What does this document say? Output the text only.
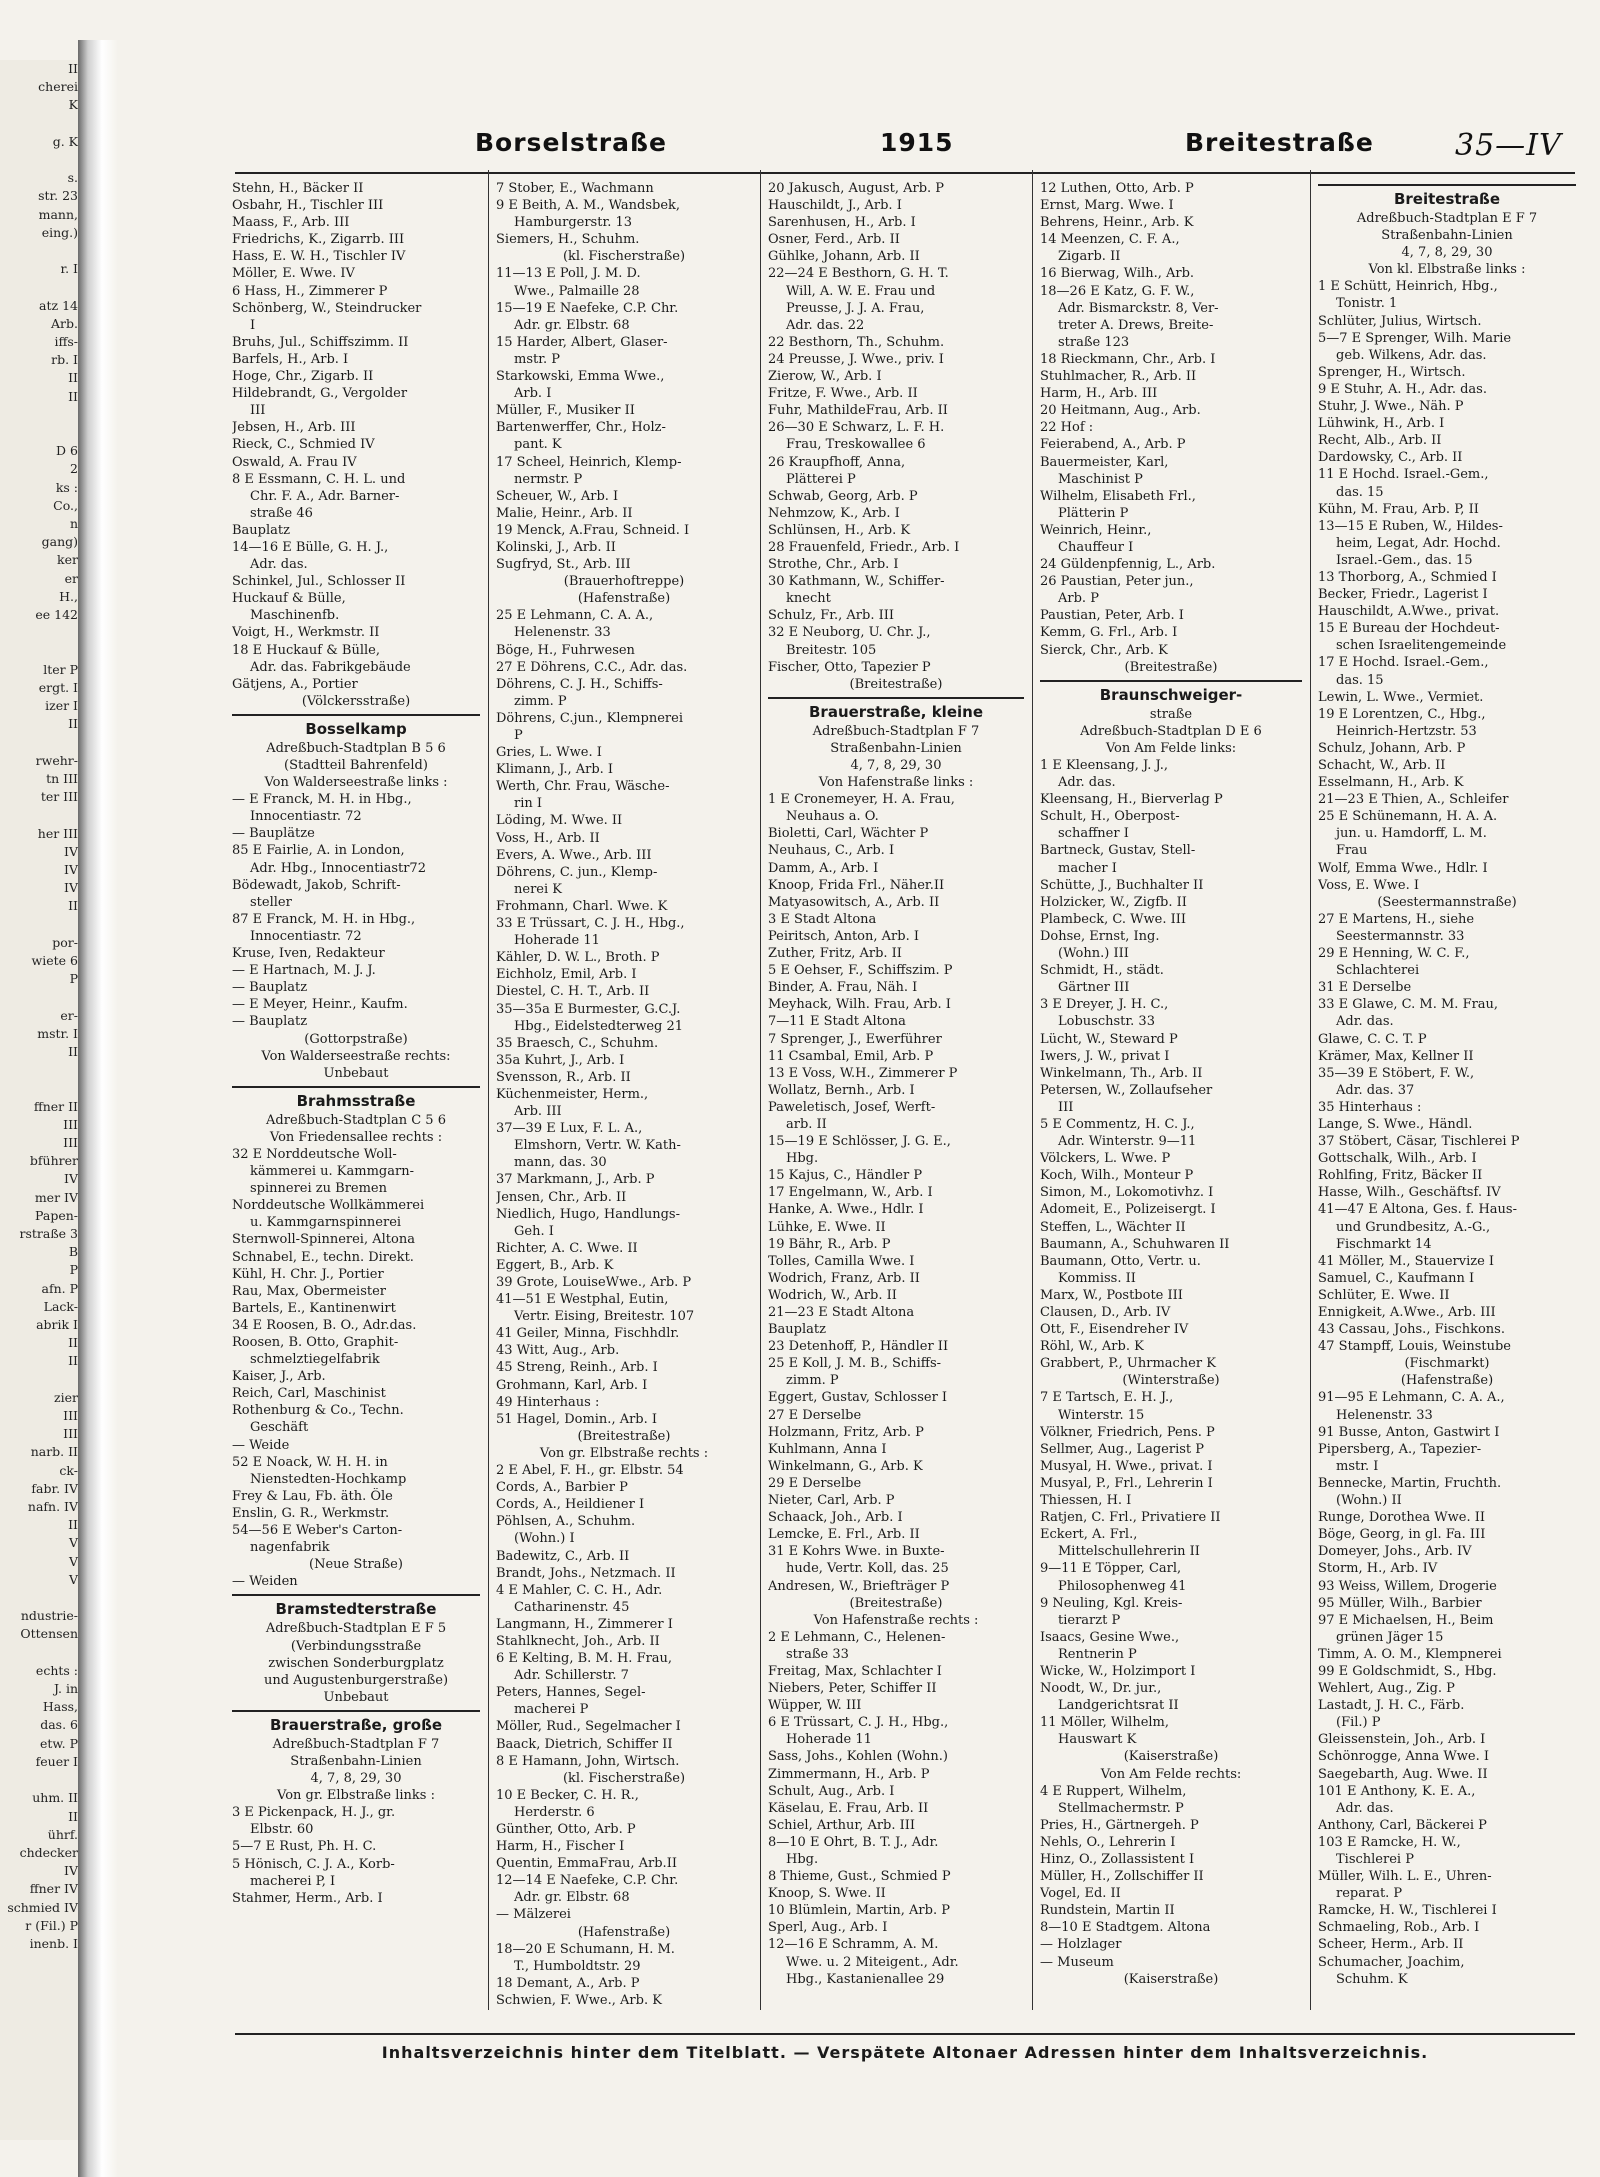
II
cherei
K

g. K

s.
str. 23
mann,
eing.)

r. I

atz 14
Arb.
iffs-
rb. I
II
II

D 6
2
ks :
Co.,
n
gang)
ker
er
H.,
ee 142

lter P
ergt. I
izer I
II

rwehr-
tn III
ter III

her III
IV
IV
IV
II

por-
wiete 6
P

er-
mstr. I
II

ffner II
III
III
bführer
IV
mer IV
Papen-
rstraße 3
B
P
afn. P
Lack-
abrik I
II
II

zier
III
III
narb. II
ck-
fabr. IV
nafn. IV
II
V
V
V

ndustrie-
Ottensen

echts :
J. in
Hass,
das. 6
etw. P
feuer I

uhm. II
II
ührf.
chdecker
IV
ffner IV
schmied IV
r (Fil.) P
inenb. I
Borselstraße	1915	Breitestraße	35—IV
Stehn, H., Bäcker II
Osbahr, H., Tischler III
Maass, F., Arb. III
Friedrichs, K., Zigarrb. III
Hass, E. W. H., Tischler IV
Möller, E. Wwe. IV
6 Hass, H., Zimmerer P
Schönberg, W., Steindrucker
I
Bruhs, Jul., Schiffszimm. II
Barfels, H., Arb. I
Hoge, Chr., Zigarb. II
Hildebrandt, G., Vergolder
III
Jebsen, H., Arb. III
Rieck, C., Schmied IV
Oswald, A. Frau IV
8 E Essmann, C. H. L. und
Chr. F. A., Adr. Barner-
straße 46
Bauplatz
14—16 E Bülle, G. H. J.,
Adr. das.
Schinkel, Jul., Schlosser II
Huckauf & Bülle,
Maschinenfb.
Voigt, H., Werkmstr. II
18 E Huckauf & Bülle,
Adr. das. Fabrikgebäude
Gätjens, A., Portier
(Völckersstraße)
Bosselkamp
Adreßbuch-Stadtplan B 5 6
(Stadtteil Bahrenfeld)
Von Walderseestraße links :
— E Franck, M. H. in Hbg.,
Innocentiastr. 72
— Bauplätze
85 E Fairlie, A. in London,
Adr. Hbg., Innocentiastr72
Bödewadt, Jakob, Schrift-
steller
87 E Franck, M. H. in Hbg.,
Innocentiastr. 72
Kruse, Iven, Redakteur
— E Hartnach, M. J. J.
— Bauplatz
— E Meyer, Heinr., Kaufm.
— Bauplatz
(Gottorpstraße)
Von Walderseestraße rechts:
Unbebaut
Brahmsstraße
Adreßbuch-Stadtplan C 5 6
Von Friedensallee rechts :
32 E Norddeutsche Woll-
kämmerei u. Kammgarn-
spinnerei zu Bremen
Norddeutsche Wollkämmerei
u. Kammgarnspinnerei
Sternwoll-Spinnerei, Altona
Schnabel, E., techn. Direkt.
Kühl, H. Chr. J., Portier
Rau, Max, Obermeister
Bartels, E., Kantinenwirt
34 E Roosen, B. O., Adr.das.
Roosen, B. Otto, Graphit-
schmelztiegelfabrik
Kaiser, J., Arb.
Reich, Carl, Maschinist
Rothenburg & Co., Techn.
Geschäft
— Weide
52 E Noack, W. H. H. in
Nienstedten-Hochkamp
Frey & Lau, Fb. äth. Öle
Enslin, G. R., Werkmstr.
54—56 E Weber's Carton-
nagenfabrik
(Neue Straße)
— Weiden
Bramstedterstraße
Adreßbuch-Stadtplan E F 5
(Verbindungsstraße
zwischen Sonderburgplatz
und Augustenburgerstraße)
Unbebaut
Brauerstraße, große
Adreßbuch-Stadtplan F 7
Straßenbahn-Linien
4, 7, 8, 29, 30
Von gr. Elbstraße links :
3 E Pickenpack, H. J., gr.
Elbstr. 60
5—7 E Rust, Ph. H. C.
5 Hönisch, C. J. A., Korb-
macherei P, I
Stahmer, Herm., Arb. I
7 Stober, E., Wachmann
9 E Beith, A. M., Wandsbek,
Hamburgerstr. 13
Siemers, H., Schuhm.
(kl. Fischerstraße)
11—13 E Poll, J. M. D.
Wwe., Palmaille 28
15—19 E Naefeke, C.P. Chr.
Adr. gr. Elbstr. 68
15 Harder, Albert, Glaser-
mstr. P
Starkowski, Emma Wwe.,
Arb. I
Müller, F., Musiker II
Bartenwerffer, Chr., Holz-
pant. K
17 Scheel, Heinrich, Klemp-
nermstr. P
Scheuer, W., Arb. I
Malie, Heinr., Arb. II
19 Menck, A.Frau, Schneid. I
Kolinski, J., Arb. II
Sugfryd, St., Arb. III
(Brauerhoftreppe)
(Hafenstraße)
25 E Lehmann, C. A. A.,
Helenenstr. 33
Böge, H., Fuhrwesen
27 E Döhrens, C.C., Adr. das.
Döhrens, C. J. H., Schiffs-
zimm. P
Döhrens, C.jun., Klempnerei
P
Gries, L. Wwe. I
Klimann, J., Arb. I
Werth, Chr. Frau, Wäsche-
rin I
Löding, M. Wwe. II
Voss, H., Arb. II
Evers, A. Wwe., Arb. III
Döhrens, C. jun., Klemp-
nerei K
Frohmann, Charl. Wwe. K
33 E Trüssart, C. J. H., Hbg.,
Hoherade 11
Kähler, D. W. L., Broth. P
Eichholz, Emil, Arb. I
Diestel, C. H. T., Arb. II
35—35a E Burmester, G.C.J.
Hbg., Eidelstedterweg 21
35 Braesch, C., Schuhm.
35a Kuhrt, J., Arb. I
Svensson, R., Arb. II
Küchenmeister, Herm.,
Arb. III
37—39 E Lux, F. L. A.,
Elmshorn, Vertr. W. Kath-
mann, das. 30
37 Markmann, J., Arb. P
Jensen, Chr., Arb. II
Niedlich, Hugo, Handlungs-
Geh. I
Richter, A. C. Wwe. II
Eggert, B., Arb. K
39 Grote, LouiseWwe., Arb. P
41—51 E Westphal, Eutin,
Vertr. Eising, Breitestr. 107
41 Geiler, Minna, Fischhdlr.
43 Witt, Aug., Arb.
45 Streng, Reinh., Arb. I
Grohmann, Karl, Arb. I
49 Hinterhaus :
51 Hagel, Domin., Arb. I
(Breitestraße)
Von gr. Elbstraße rechts :
2 E Abel, F. H., gr. Elbstr. 54
Cords, A., Barbier P
Cords, A., Heildiener I
Pöhlsen, A., Schuhm.
(Wohn.) I
Badewitz, C., Arb. II
Brandt, Johs., Netzmach. II
4 E Mahler, C. C. H., Adr.
Catharinenstr. 45
Langmann, H., Zimmerer I
Stahlknecht, Joh., Arb. II
6 E Kelting, B. M. H. Frau,
Adr. Schillerstr. 7
Peters, Hannes, Segel-
macherei P
Möller, Rud., Segelmacher I
Baack, Dietrich, Schiffer II
8 E Hamann, John, Wirtsch.
(kl. Fischerstraße)
10 E Becker, C. H. R.,
Herderstr. 6
Günther, Otto, Arb. P
Harm, H., Fischer I
Quentin, EmmaFrau, Arb.II
12—14 E Naefeke, C.P. Chr.
Adr. gr. Elbstr. 68
— Mälzerei
(Hafenstraße)
18—20 E Schumann, H. M.
T., Humboldtstr. 29
18 Demant, A., Arb. P
Schwien, F. Wwe., Arb. K
20 Jakusch, August, Arb. P
Hauschildt, J., Arb. I
Sarenhusen, H., Arb. I
Osner, Ferd., Arb. II
Gühlke, Johann, Arb. II
22—24 E Besthorn, G. H. T.
Will, A. W. E. Frau und
Preusse, J. J. A. Frau,
Adr. das. 22
22 Besthorn, Th., Schuhm.
24 Preusse, J. Wwe., priv. I
Zierow, W., Arb. I
Fritze, F. Wwe., Arb. II
Fuhr, MathildeFrau, Arb. II
26—30 E Schwarz, L. F. H.
Frau, Treskowallee 6
26 Kraupfhoff, Anna,
Plätterei P
Schwab, Georg, Arb. P
Nehmzow, K., Arb. I
Schlünsen, H., Arb. K
28 Frauenfeld, Friedr., Arb. I
Strothe, Chr., Arb. I
30 Kathmann, W., Schiffer-
knecht
Schulz, Fr., Arb. III
32 E Neuborg, U. Chr. J.,
Breitestr. 105
Fischer, Otto, Tapezier P
(Breitestraße)
Brauerstraße, kleine
Adreßbuch-Stadtplan F 7
Straßenbahn-Linien
4, 7, 8, 29, 30
Von Hafenstraße links :
1 E Cronemeyer, H. A. Frau,
Neuhaus a. O.
Bioletti, Carl, Wächter P
Neuhaus, C., Arb. I
Damm, A., Arb. I
Knoop, Frida Frl., Näher.II
Matyasowitsch, A., Arb. II
3 E Stadt Altona
Peiritsch, Anton, Arb. I
Zuther, Fritz, Arb. II
5 E Oehser, F., Schiffszim. P
Binder, A. Frau, Näh. I
Meyhack, Wilh. Frau, Arb. I
7—11 E Stadt Altona
7 Sprenger, J., Ewerführer
11 Csambal, Emil, Arb. P
13 E Voss, W.H., Zimmerer P
Wollatz, Bernh., Arb. I
Paweletisch, Josef, Werft-
arb. II
15—19 E Schlösser, J. G. E.,
Hbg.
15 Kajus, C., Händler P
17 Engelmann, W., Arb. I
Hanke, A. Wwe., Hdlr. I
Lühke, E. Wwe. II
19 Bähr, R., Arb. P
Tolles, Camilla Wwe. I
Wodrich, Franz, Arb. II
Wodrich, W., Arb. II
21—23 E Stadt Altona
Bauplatz
23 Detenhoff, P., Händler II
25 E Koll, J. M. B., Schiffs-
zimm. P
Eggert, Gustav, Schlosser I
27 E Derselbe
Holzmann, Fritz, Arb. P
Kuhlmann, Anna I
Winkelmann, G., Arb. K
29 E Derselbe
Nieter, Carl, Arb. P
Schaack, Joh., Arb. I
Lemcke, E. Frl., Arb. II
31 E Kohrs Wwe. in Buxte-
hude, Vertr. Koll, das. 25
Andresen, W., Briefträger P
(Breitestraße)
Von Hafenstraße rechts :
2 E Lehmann, C., Helenen-
straße 33
Freitag, Max, Schlachter I
Niebers, Peter, Schiffer II
Wüpper, W. III
6 E Trüssart, C. J. H., Hbg.,
Hoherade 11
Sass, Johs., Kohlen (Wohn.)
Zimmermann, H., Arb. P
Schult, Aug., Arb. I
Käselau, E. Frau, Arb. II
Schiel, Arthur, Arb. III
8—10 E Ohrt, B. T. J., Adr.
Hbg.
8 Thieme, Gust., Schmied P
Knoop, S. Wwe. II
10 Blümlein, Martin, Arb. P
Sperl, Aug., Arb. I
12—16 E Schramm, A. M.
Wwe. u. 2 Miteigent., Adr.
Hbg., Kastanienallee 29
12 Luthen, Otto, Arb. P
Ernst, Marg. Wwe. I
Behrens, Heinr., Arb. K
14 Meenzen, C. F. A.,
Zigarb. II
16 Bierwag, Wilh., Arb.
18—26 E Katz, G. F. W.,
Adr. Bismarckstr. 8, Ver-
treter A. Drews, Breite-
straße 123
18 Rieckmann, Chr., Arb. I
Stuhlmacher, R., Arb. II
Harm, H., Arb. III
20 Heitmann, Aug., Arb.
22 Hof :
Feierabend, A., Arb. P
Bauermeister, Karl,
Maschinist P
Wilhelm, Elisabeth Frl.,
Plätterin P
Weinrich, Heinr.,
Chauffeur I
24 Güldenpfennig, L., Arb.
26 Paustian, Peter jun.,
Arb. P
Paustian, Peter, Arb. I
Kemm, G. Frl., Arb. I
Sierck, Chr., Arb. K
(Breitestraße)
Braunschweiger-
straße
Adreßbuch-Stadtplan D E 6
Von Am Felde links:
1 E Kleensang, J. J.,
Adr. das.
Kleensang, H., Bierverlag P
Schult, H., Oberpost-
schaffner I
Bartneck, Gustav, Stell-
macher I
Schütte, J., Buchhalter II
Holzicker, W., Zigfb. II
Plambeck, C. Wwe. III
Dohse, Ernst, Ing.
(Wohn.) III
Schmidt, H., städt.
Gärtner III
3 E Dreyer, J. H. C.,
Lobuschstr. 33
Lücht, W., Steward P
Iwers, J. W., privat I
Winkelmann, Th., Arb. II
Petersen, W., Zollaufseher
III
5 E Commentz, H. C. J.,
Adr. Winterstr. 9—11
Völckers, L. Wwe. P
Koch, Wilh., Monteur P
Simon, M., Lokomotivhz. I
Adomeit, E., Polizeisergt. I
Steffen, L., Wächter II
Baumann, A., Schuhwaren II
Baumann, Otto, Vertr. u.
Kommiss. II
Marx, W., Postbote III
Clausen, D., Arb. IV
Ott, F., Eisendreher IV
Röhl, W., Arb. K
Grabbert, P., Uhrmacher K
(Winterstraße)
7 E Tartsch, E. H. J.,
Winterstr. 15
Völkner, Friedrich, Pens. P
Sellmer, Aug., Lagerist P
Musyal, H. Wwe., privat. I
Musyal, P., Frl., Lehrerin I
Thiessen, H. I
Ratjen, C. Frl., Privatiere II
Eckert, A. Frl.,
Mittelschullehrerin II
9—11 E Töpper, Carl,
Philosophenweg 41
9 Neuling, Kgl. Kreis-
tierarzt P
Isaacs, Gesine Wwe.,
Rentnerin P
Wicke, W., Holzimport I
Noodt, W., Dr. jur.,
Landgerichtsrat II
11 Möller, Wilhelm,
Hauswart K
(Kaiserstraße)
Von Am Felde rechts:
4 E Ruppert, Wilhelm,
Stellmachermstr. P
Pries, H., Gärtnergeh. P
Nehls, O., Lehrerin I
Hinz, O., Zollassistent I
Müller, H., Zollschiffer II
Vogel, Ed. II
Rundstein, Martin II
8—10 E Stadtgem. Altona
— Holzlager
— Museum
(Kaiserstraße)
Breitestraße
Adreßbuch-Stadtplan E F 7
Straßenbahn-Linien
4, 7, 8, 29, 30
Von kl. Elbstraße links :
1 E Schütt, Heinrich, Hbg.,
Tonistr. 1
Schlüter, Julius, Wirtsch.
5—7 E Sprenger, Wilh. Marie
geb. Wilkens, Adr. das.
Sprenger, H., Wirtsch.
9 E Stuhr, A. H., Adr. das.
Stuhr, J. Wwe., Näh. P
Lühwink, H., Arb. I
Recht, Alb., Arb. II
Dardowsky, C., Arb. II
11 E Hochd. Israel.-Gem.,
das. 15
Kühn, M. Frau, Arb. P, II
13—15 E Ruben, W., Hildes-
heim, Legat, Adr. Hochd.
Israel.-Gem., das. 15
13 Thorborg, A., Schmied I
Becker, Friedr., Lagerist I
Hauschildt, A.Wwe., privat.
15 E Bureau der Hochdeut-
schen Israelitengemeinde
17 E Hochd. Israel.-Gem.,
das. 15
Lewin, L. Wwe., Vermiet.
19 E Lorentzen, C., Hbg.,
Heinrich-Hertzstr. 53
Schulz, Johann, Arb. P
Schacht, W., Arb. II
Esselmann, H., Arb. K
21—23 E Thien, A., Schleifer
25 E Schünemann, H. A. A.
jun. u. Hamdorff, L. M.
Frau
Wolf, Emma Wwe., Hdlr. I
Voss, E. Wwe. I
(Seestermannstraße)
27 E Martens, H., siehe
Seestermannstr. 33
29 E Henning, W. C. F.,
Schlachterei
31 E Derselbe
33 E Glawe, C. M. M. Frau,
Adr. das.
Glawe, C. C. T. P
Krämer, Max, Kellner II
35—39 E Stöbert, F. W.,
Adr. das. 37
35 Hinterhaus :
Lange, S. Wwe., Händl.
37 Stöbert, Cäsar, Tischlerei P
Gottschalk, Wilh., Arb. I
Rohlfing, Fritz, Bäcker II
Hasse, Wilh., Geschäftsf. IV
41—47 E Altona, Ges. f. Haus-
und Grundbesitz, A.-G.,
Fischmarkt 14
41 Möller, M., Stauervize I
Samuel, C., Kaufmann I
Schlüter, E. Wwe. II
Ennigkeit, A.Wwe., Arb. III
43 Cassau, Johs., Fischkons.
47 Stampff, Louis, Weinstube
(Fischmarkt)
(Hafenstraße)
91—95 E Lehmann, C. A. A.,
Helenenstr. 33
91 Busse, Anton, Gastwirt I
Pipersberg, A., Tapezier-
mstr. I
Bennecke, Martin, Fruchth.
(Wohn.) II
Runge, Dorothea Wwe. II
Böge, Georg, in gl. Fa. III
Domeyer, Johs., Arb. IV
Storm, H., Arb. IV
93 Weiss, Willem, Drogerie
95 Müller, Wilh., Barbier
97 E Michaelsen, H., Beim
grünen Jäger 15
Timm, A. O. M., Klempnerei
99 E Goldschmidt, S., Hbg.
Wehlert, Aug., Zig. P
Lastadt, J. H. C., Färb.
(Fil.) P
Gleissenstein, Joh., Arb. I
Schönrogge, Anna Wwe. I
Saegebarth, Aug. Wwe. II
101 E Anthony, K. E. A.,
Adr. das.
Anthony, Carl, Bäckerei P
103 E Ramcke, H. W.,
Tischlerei P
Müller, Wilh. L. E., Uhren-
reparat. P
Ramcke, H. W., Tischlerei I
Schmaeling, Rob., Arb. I
Scheer, Herm., Arb. II
Schumacher, Joachim,
Schuhm. K
Inhaltsverzeichnis hinter dem Titelblatt. — Verspätete Altonaer Adressen hinter dem Inhaltsverzeichnis.
